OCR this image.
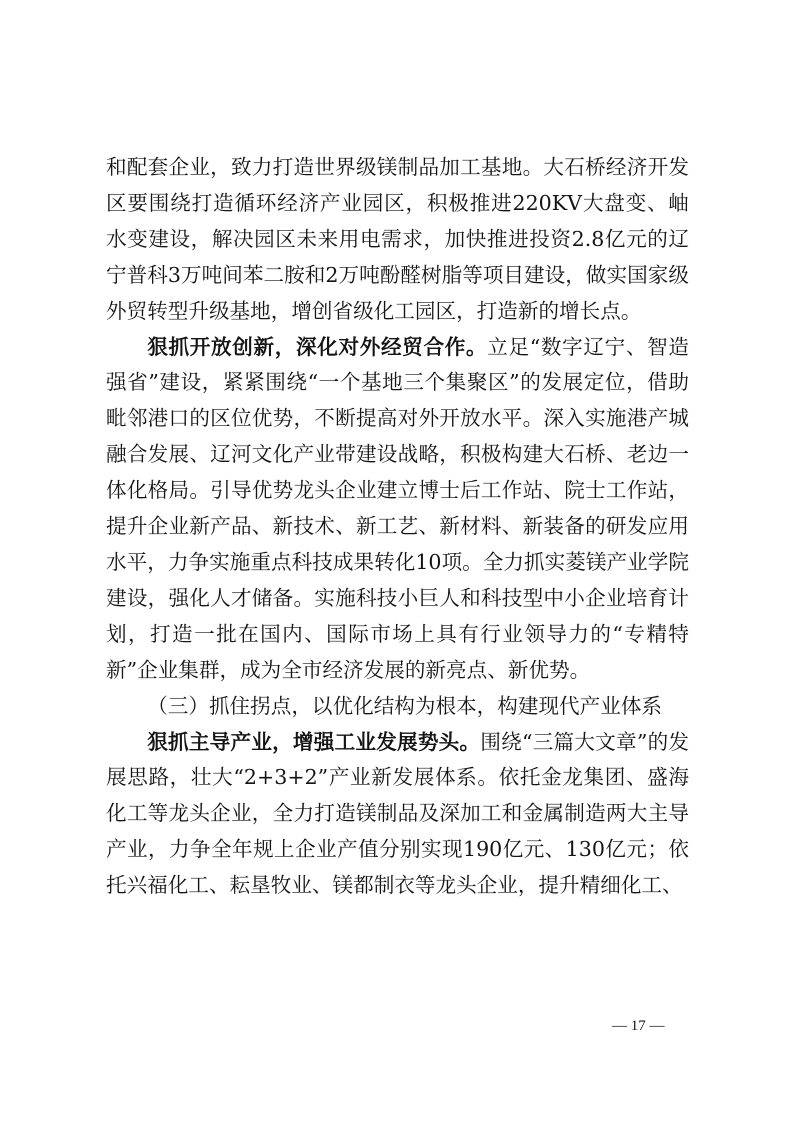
和配套企业，致力打造世界级镁制品加工基地。大石桥经济开发区要围绕打造循环经济产业园区，积极推进220KV大盘变、岫水变建设，解决园区未来用电需求，加快推进投资2.8亿元的辽宁普科3万吨间苯二胺和2万吨酚醛树脂等项目建设，做实国家级外贸转型升级基地，增创省级化工园区，打造新的增长点。

狠抓开放创新，深化对外经贸合作。立足“数字辽宁、智造强省”建设，紧紧围绕“一个基地三个集聚区”的发展定位，借助毗邻港口的区位优势，不断提高对外开放水平。深入实施港产城融合发展、辽河文化产业带建设战略，积极构建大石桥、老边一体化格局。引导优势龙头企业建立博士后工作站、院士工作站，提升企业新产品、新技术、新工艺、新材料、新装备的研发应用水平，力争实施重点科技成果转化10项。全力抓实菱镁产业学院建设，强化人才储备。实施科技小巨人和科技型中小企业培育计划，打造一批在国内、国际市场上具有行业领导力的“专精特新”企业集群，成为全市经济发展的新亮点、新优势。

（三）抓住拐点，以优化结构为根本，构建现代产业体系

狠抓主导产业，增强工业发展势头。围绕“三篇大文章”的发展思路，壮大“2+3+2”产业新发展体系。依托金龙集团、盛海化工等龙头企业，全力打造镁制品及深加工和金属制造两大主导产业，力争全年规上企业产值分别实现190亿元、130亿元；依托兴福化工、耘垦牧业、镁都制衣等龙头企业，提升精细化工、

— 17 —
